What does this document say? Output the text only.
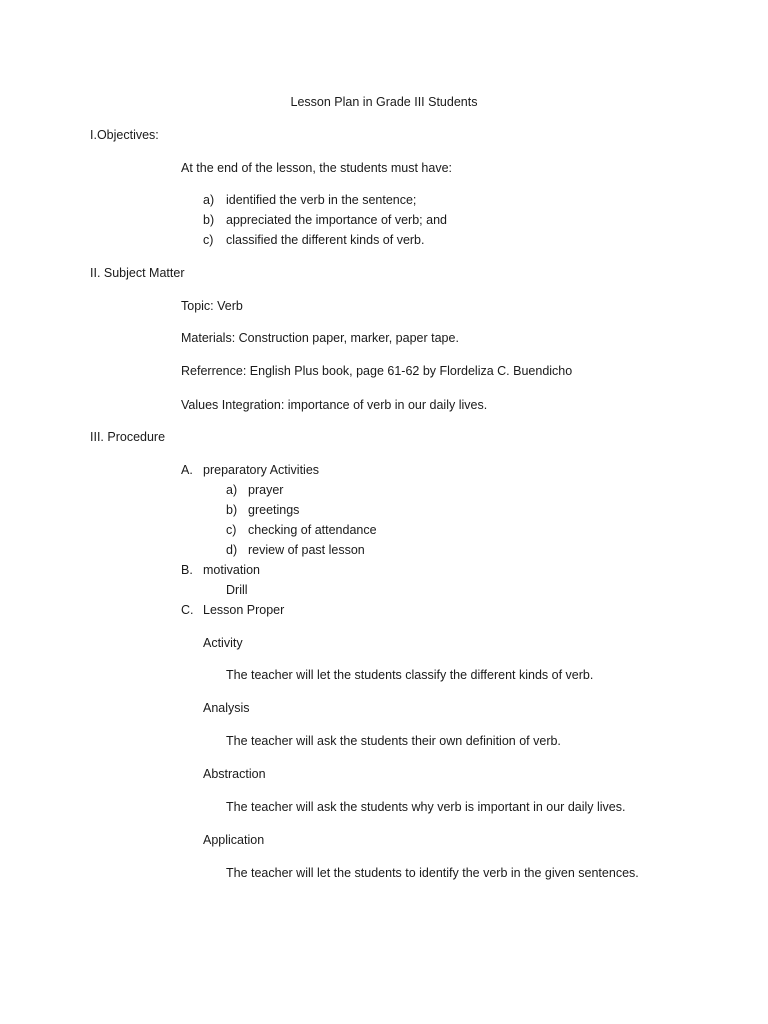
Lesson Plan in Grade III Students
I.Objectives:
At the end of the lesson, the students must have:
a) identified the verb in the sentence;
b) appreciated the importance of verb; and
c) classified the different kinds of verb.
II. Subject Matter
Topic: Verb
Materials: Construction paper, marker, paper tape.
Referrence: English Plus book, page 61-62 by Flordeliza C. Buendicho
Values Integration: importance of verb in our daily lives.
III. Procedure
A. preparatory Activities
a) prayer
b) greetings
c) checking of attendance
d) review of past lesson
B. motivation
Drill
C. Lesson Proper
Activity
The teacher will let the students classify the different kinds of verb.
Analysis
The teacher will ask the students their own definition of verb.
Abstraction
The teacher will ask the students why verb is important in our daily lives.
Application
The teacher will let the students to identify the verb in the given sentences.
